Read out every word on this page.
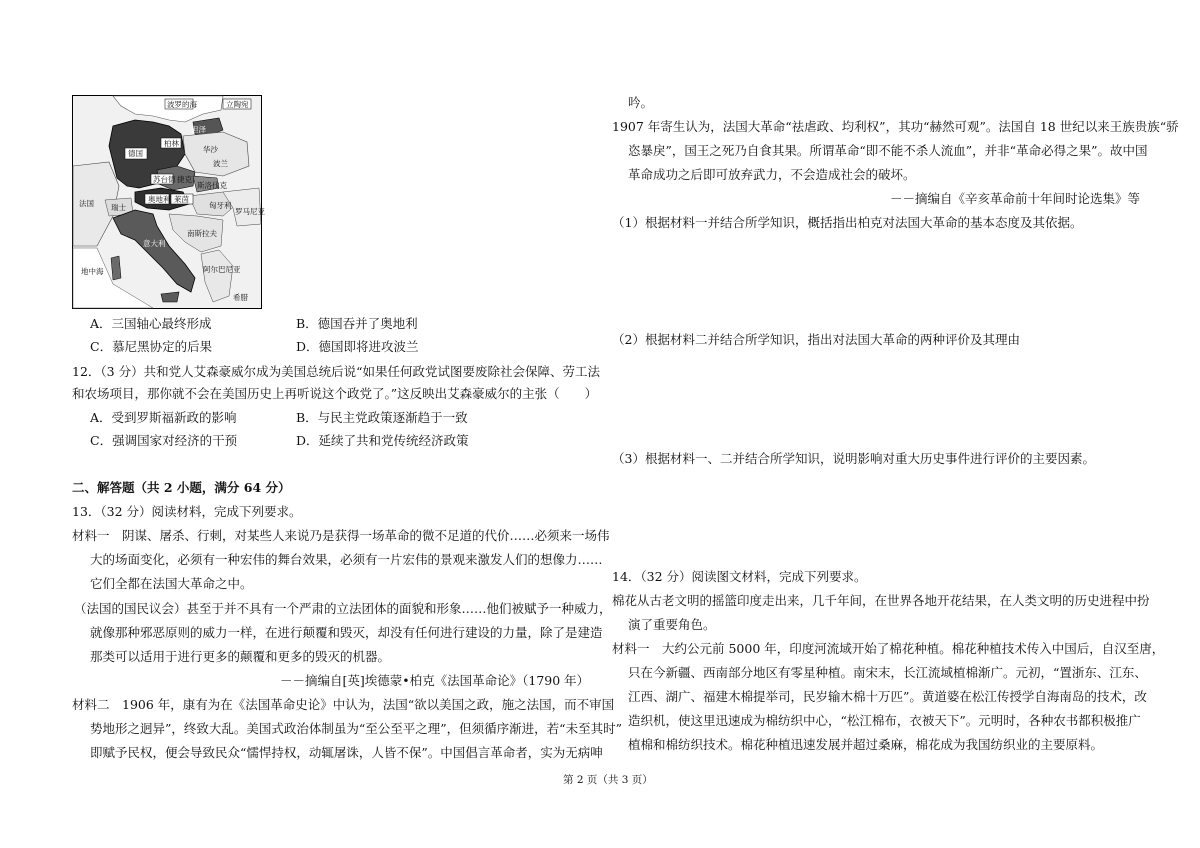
波罗的海	立陶宛
但泽
柏林
德国	华沙
波兰
苏台德 捷克
斯洛伐克
奥地利 莱茵
匈牙利
罗马尼亚
法国 瑞士
南斯拉夫
意大利
地中海	阿尔巴尼亚
希腊
A．三国轴心最终形成	B．德国吞并了奥地利
C．慕尼黑协定的后果	D．德国即将进攻波兰
12．（3 分）共和党人艾森豪威尔成为美国总统后说“如果任何政党试图要废除社会保障、劳工法
和农场项目，那你就不会在美国历史上再听说这个政党了。”这反映出艾森豪威尔的主张（　　）
A．受到罗斯福新政的影响	B．与民主党政策逐渐趋于一致
C．强调国家对经济的干预	D．延续了共和党传统经济政策
二、解答题（共 2 小题，满分 64 分）
13．（32 分）阅读材料，完成下列要求。
材料一　阴谋、屠杀、行刺，对某些人来说乃是获得一场革命的微不足道的代价……必须来一场伟
大的场面变化，必须有一种宏伟的舞台效果，必须有一片宏伟的景观来激发人们的想像力……
它们全都在法国大革命之中。
（法国的国民议会）甚至于并不具有一个严肃的立法团体的面貌和形象……他们被赋予一种威力，
就像那种邪恶原则的威力一样，在进行颠覆和毁灭，却没有任何进行建设的力量，除了是建造
那类可以适用于进行更多的颠覆和更多的毁灭的机器。
－－摘编自[英]埃德蒙•柏克《法国革命论》（1790 年）
材料二　1906 年，康有为在《法国革命史论》中认为，法国“欲以美国之政，施之法国，而不审国
势地形之迥异”，终致大乱。美国式政治体制虽为“至公至平之理”，但须循序渐进，若“未至其时”
即赋予民权，便会导致民众“懦悍持权，动辄屠诛，人皆不保”。中国倡言革命者，实为无病呻
吟。
1907 年寄生认为，法国大革命“祛虐政、均利权”，其功“赫然可观”。法国自 18 世纪以来王族贵族“骄
恣暴戾”，国王之死乃自食其果。所谓革命“即不能不杀人流血”，并非“革命必得之果”。故中国
革命成功之后即可放弃武力，不会造成社会的破坏。
－－摘编自《辛亥革命前十年间时论选集》等
（1）根据材料一并结合所学知识，概括指出柏克对法国大革命的基本态度及其依据。
（2）根据材料二并结合所学知识，指出对法国大革命的两种评价及其理由
（3）根据材料一、二并结合所学知识，说明影响对重大历史事件进行评价的主要因素。
14．（32 分）阅读图文材料，完成下列要求。
棉花从古老文明的摇篮印度走出来，几千年间，在世界各地开花结果，在人类文明的历史进程中扮
演了重要角色。
材料一　大约公元前 5000 年，印度河流域开始了棉花种植。棉花种植技术传入中国后，自汉至唐，
只在今新疆、西南部分地区有零星种植。南宋末，长江流域植棉渐广。元初，“置浙东、江东、
江西、湖广、福建木棉提举司，民岁输木棉十万匹”。黄道婆在松江传授学自海南岛的技术，改
造织机，使这里迅速成为棉纺织中心，“松江棉布，衣被天下”。元明时，各种农书都积极推广
植棉和棉纺织技术。棉花种植迅速发展并超过桑麻，棉花成为我国纺织业的主要原料。
第 2 页（共 3 页）
